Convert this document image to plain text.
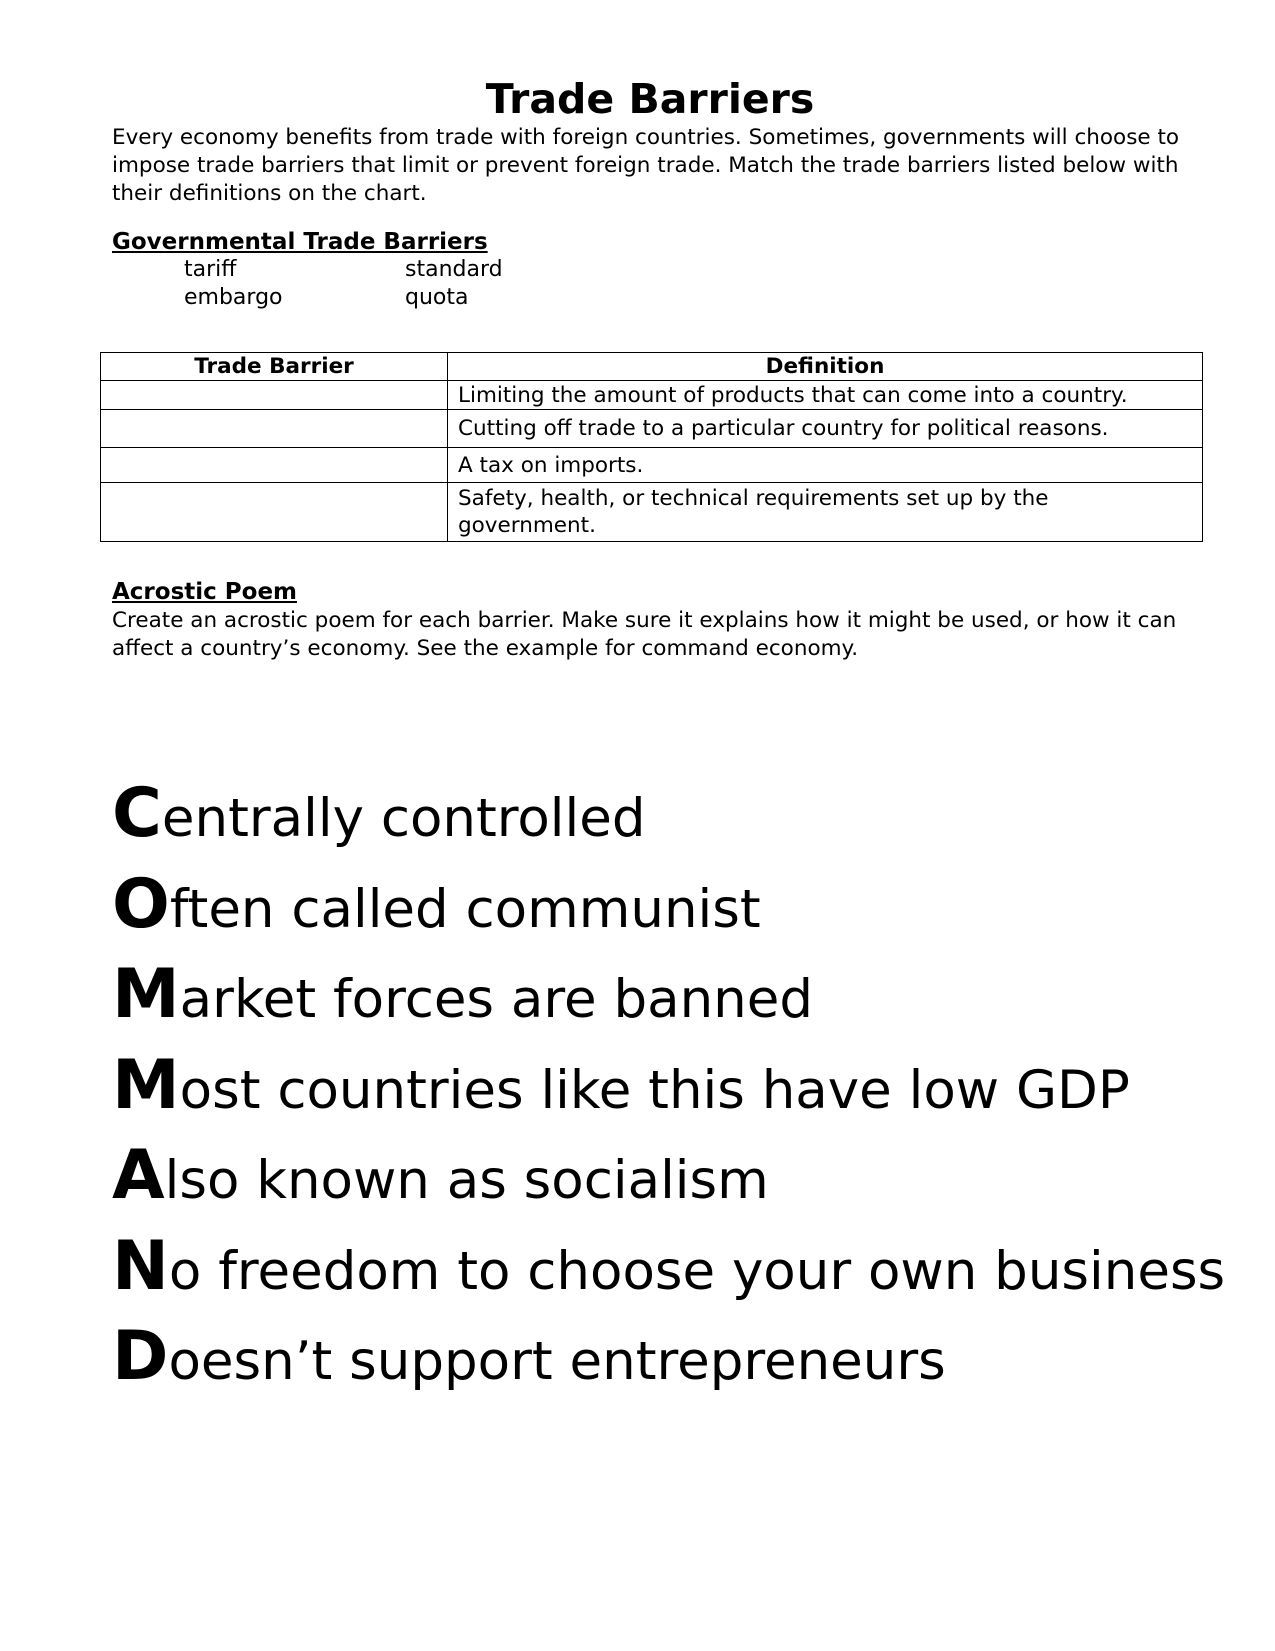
Trade Barriers
Every economy benefits from trade with foreign countries. Sometimes, governments will choose to impose trade barriers that limit or prevent foreign trade. Match the trade barriers listed below with their definitions on the chart.
Governmental Trade Barriers
tariff	standard
embargo	quota
Trade Barrier	Definition
	Limiting the amount of products that can come into a country.
	Cutting off trade to a particular country for political reasons.
	A tax on imports.
	Safety, health, or technical requirements set up by the government.
Acrostic Poem
Create an acrostic poem for each barrier. Make sure it explains how it might be used, or how it can affect a country’s economy. See the example for command economy.
Centrally controlled
Often called communist
Market forces are banned
Most countries like this have low GDP
Also known as socialism
No freedom to choose your own business
Doesn’t support entrepreneurs
